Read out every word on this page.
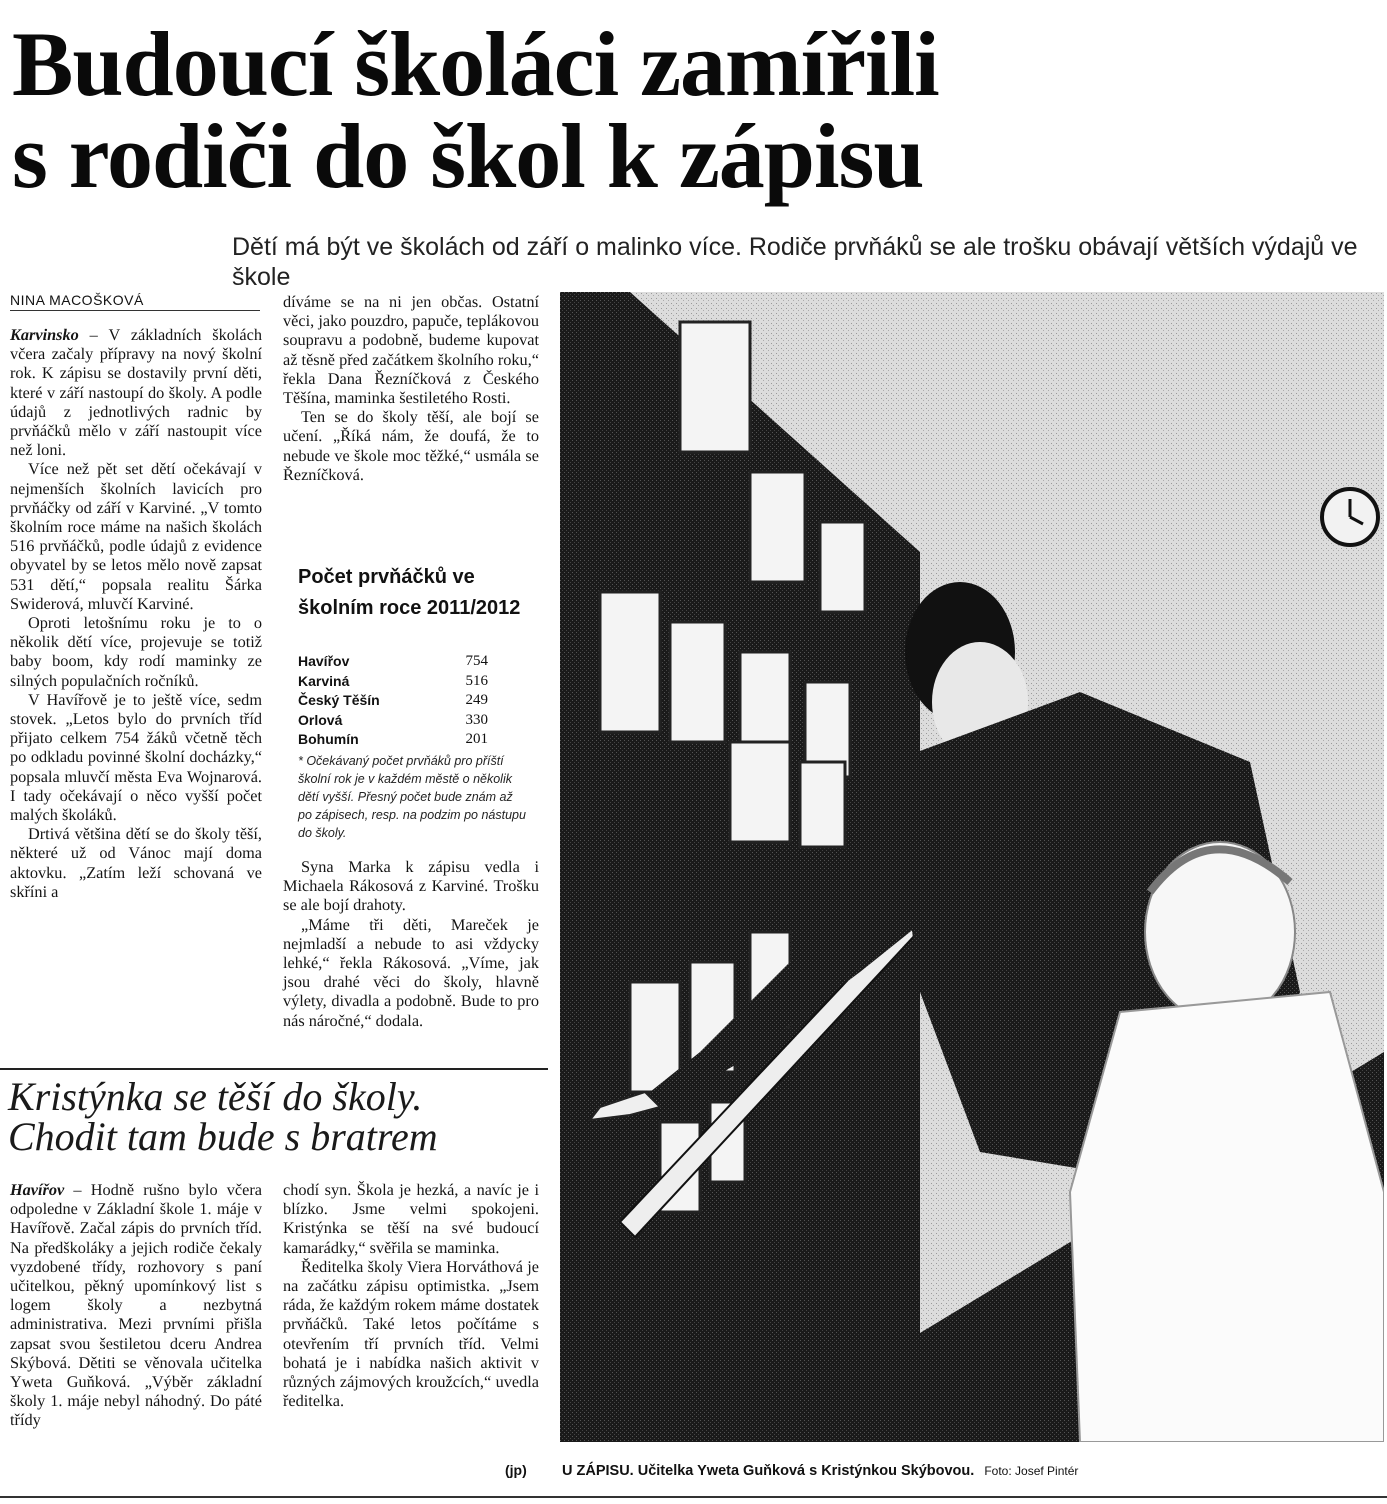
Budoucí školáci zamířili
s rodiči do škol k zápisu
Dětí má být ve školách od září o malinko více. Rodiče prvňáků se ale trošku obávají větších výdajů ve škole
NINA MACOŠKOVÁ

Karvinsko – V základních školách včera začaly přípravy na nový školní rok. K zápisu se dostavily první děti, které v září nastoupí do školy. A podle údajů z jednotlivých radnic by prvňáčků mělo v září nastoupit více než loni.

Více než pět set dětí očekávají v nejmenších školních lavicích pro prvňáčky od září v Karviné. „V tomto školním roce máme na našich školách 516 prvňáčků, podle údajů z evidence obyvatel by se letos mělo nově zapsat 531 dětí,“ popsala realitu Šárka Swiderová, mluvčí Karviné.

Oproti letošnímu roku je to o několik dětí více, projevuje se totiž baby boom, kdy rodí maminky ze silných populačních ročníků.

V Havířově je to ještě více, sedm stovek. „Letos bylo do prvních tříd přijato celkem 754 žáků včetně těch po odkladu povinné školní docházky,“ popsala mluvčí města Eva Wojnarová. I tady očekávají o něco vyšší počet malých školáků.

Drtivá většina dětí se do školy těší, některé už od Vánoc mají doma aktovku. „Zatím leží schovaná ve skříni a

díváme se na ni jen občas. Ostatní věci, jako pouzdro, papuče, teplákovou soupravu a podobně, budeme kupovat až těsně před začátkem školního roku,“ řekla Dana Řezníčková z Českého Těšína, maminka šestiletého Rosti.

Ten se do školy těší, ale bojí se učení. „Říká nám, že doufá, že to nebude ve škole moc těžké,“ usmála se Řezníčková.

Počet prvňáčků ve školním roce 2011/2012
Havířov	754
Karviná	516
Český Těšín	249
Orlová	330
Bohumín	201
* Očekávaný počet prvňáků pro příští školní rok je v každém městě o několik dětí vyšší. Přesný počet bude znám až po zápisech, resp. na podzim po nástupu do školy.

Syna Marka k zápisu vedla i Michaela Rákosová z Karviné. Trošku se ale bojí drahoty.

„Máme tři děti, Mareček je nejmladší a nebude to asi vždycky lehké,“ řekla Rákosová. „Víme, jak jsou drahé věci do školy, hlavně výlety, divadla a podobně. Bude to pro nás náročné,“ dodala.

Kristýnka se těší do školy.
Chodit tam bude s bratrem

Havířov – Hodně rušno bylo včera odpoledne v Základní škole 1. máje v Havířově. Začal zápis do prvních tříd. Na předškoláky a jejich rodiče čekaly vyzdobené třídy, rozhovory s paní učitelkou, pěkný upomínkový list s logem školy a nezbytná administrativa. Mezi prvními přišla zapsat svou šestiletou dceru Andrea Skýbová. Dětiti se věnovala učitelka Yweta Guňková. „Výběr základní školy 1. máje nebyl náhodný. Do páté třídy

chodí syn. Škola je hezká, a navíc je i blízko. Jsme velmi spokojeni. Kristýnka se těší na své budoucí kamarádky,“ svěřila se maminka.

Ředitelka školy Viera Horváthová je na začátku zápisu optimistka. „Jsem ráda, že každým rokem máme dostatek prvňáčků. Také letos počítáme s otevřením tří prvních tříd. Velmi bohatá je i nabídka našich aktivit v různých zájmových kroužcích,“ uvedla ředitelka.

(jp) U ZÁPISU. Učitelka Yweta Guňková s Kristýnkou Skýbovou. Foto: Josef Pintér
